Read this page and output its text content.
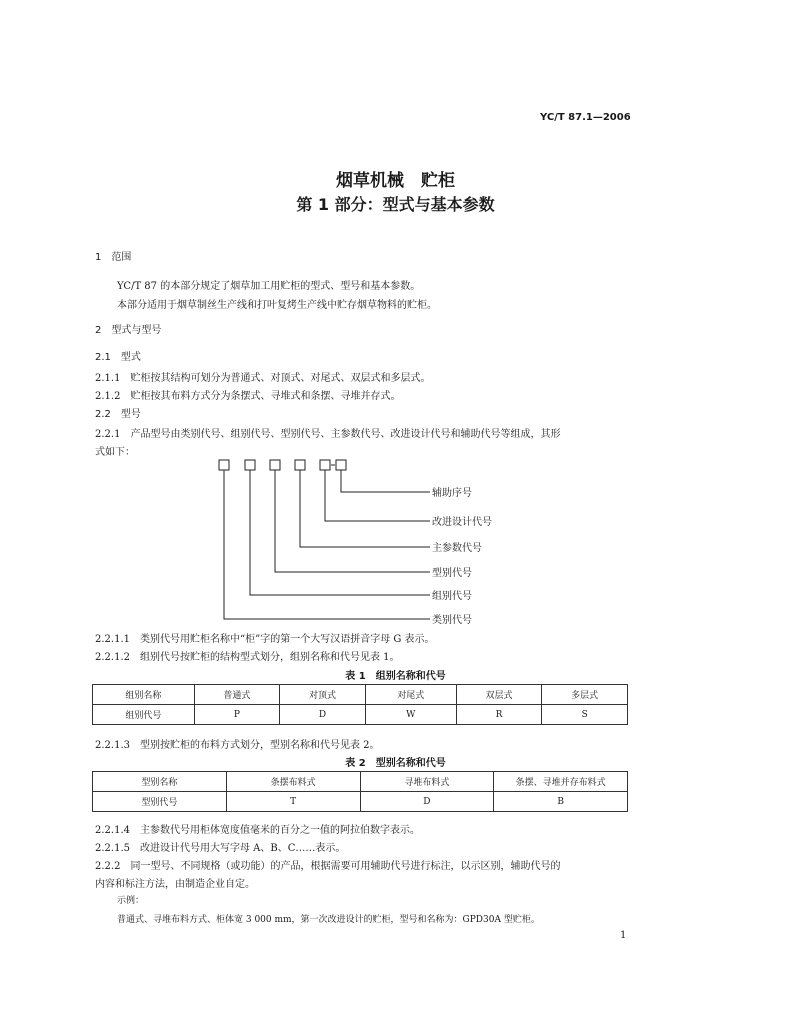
YC/T 87.1—2006
烟草机械　贮柜
第 1 部分：型式与基本参数
1　范围
YC/T 87 的本部分规定了烟草加工用贮柜的型式、型号和基本参数。
本部分适用于烟草制丝生产线和打叶复烤生产线中贮存烟草物料的贮柜。
2　型式与型号
2.1　型式
2.1.1　贮柜按其结构可划分为普通式、对顶式、对尾式、双层式和多层式。
2.1.2　贮柜按其布料方式分为条摆式、寻堆式和条摆、寻堆并存式。
2.2　型号
2.2.1　产品型号由类别代号、组别代号、型别代号、主参数代号、改进设计代号和辅助代号等组成，其形
式如下：
辅助序号
改进设计代号
主参数代号
型别代号
组别代号
类别代号
2.2.1.1　类别代号用贮柜名称中“柜”字的第一个大写汉语拼音字母 G 表示。
2.2.1.2　组别代号按贮柜的结构型式划分，组别名称和代号见表 1。
表 1　组别名称和代号
组别名称	普通式	对顶式	对尾式	双层式	多层式
组别代号	P	D	W	R	S
2.2.1.3　型别按贮柜的布料方式划分，型别名称和代号见表 2。
表 2　型别名称和代号
型别名称	条摆布料式	寻堆布料式	条摆、寻堆并存布料式
型别代号	T	D	B
2.2.1.4　主参数代号用柜体宽度值毫米的百分之一值的阿拉伯数字表示。
2.2.1.5　改进设计代号用大写字母 A、B、C……表示。
2.2.2　同一型号、不同规格（或功能）的产品，根据需要可用辅助代号进行标注，以示区别，辅助代号的
内容和标注方法，由制造企业自定。
示例：
普通式、寻堆布料方式、柜体宽 3 000 mm，第一次改进设计的贮柜，型号和名称为：GPD30A 型贮柜。
1
